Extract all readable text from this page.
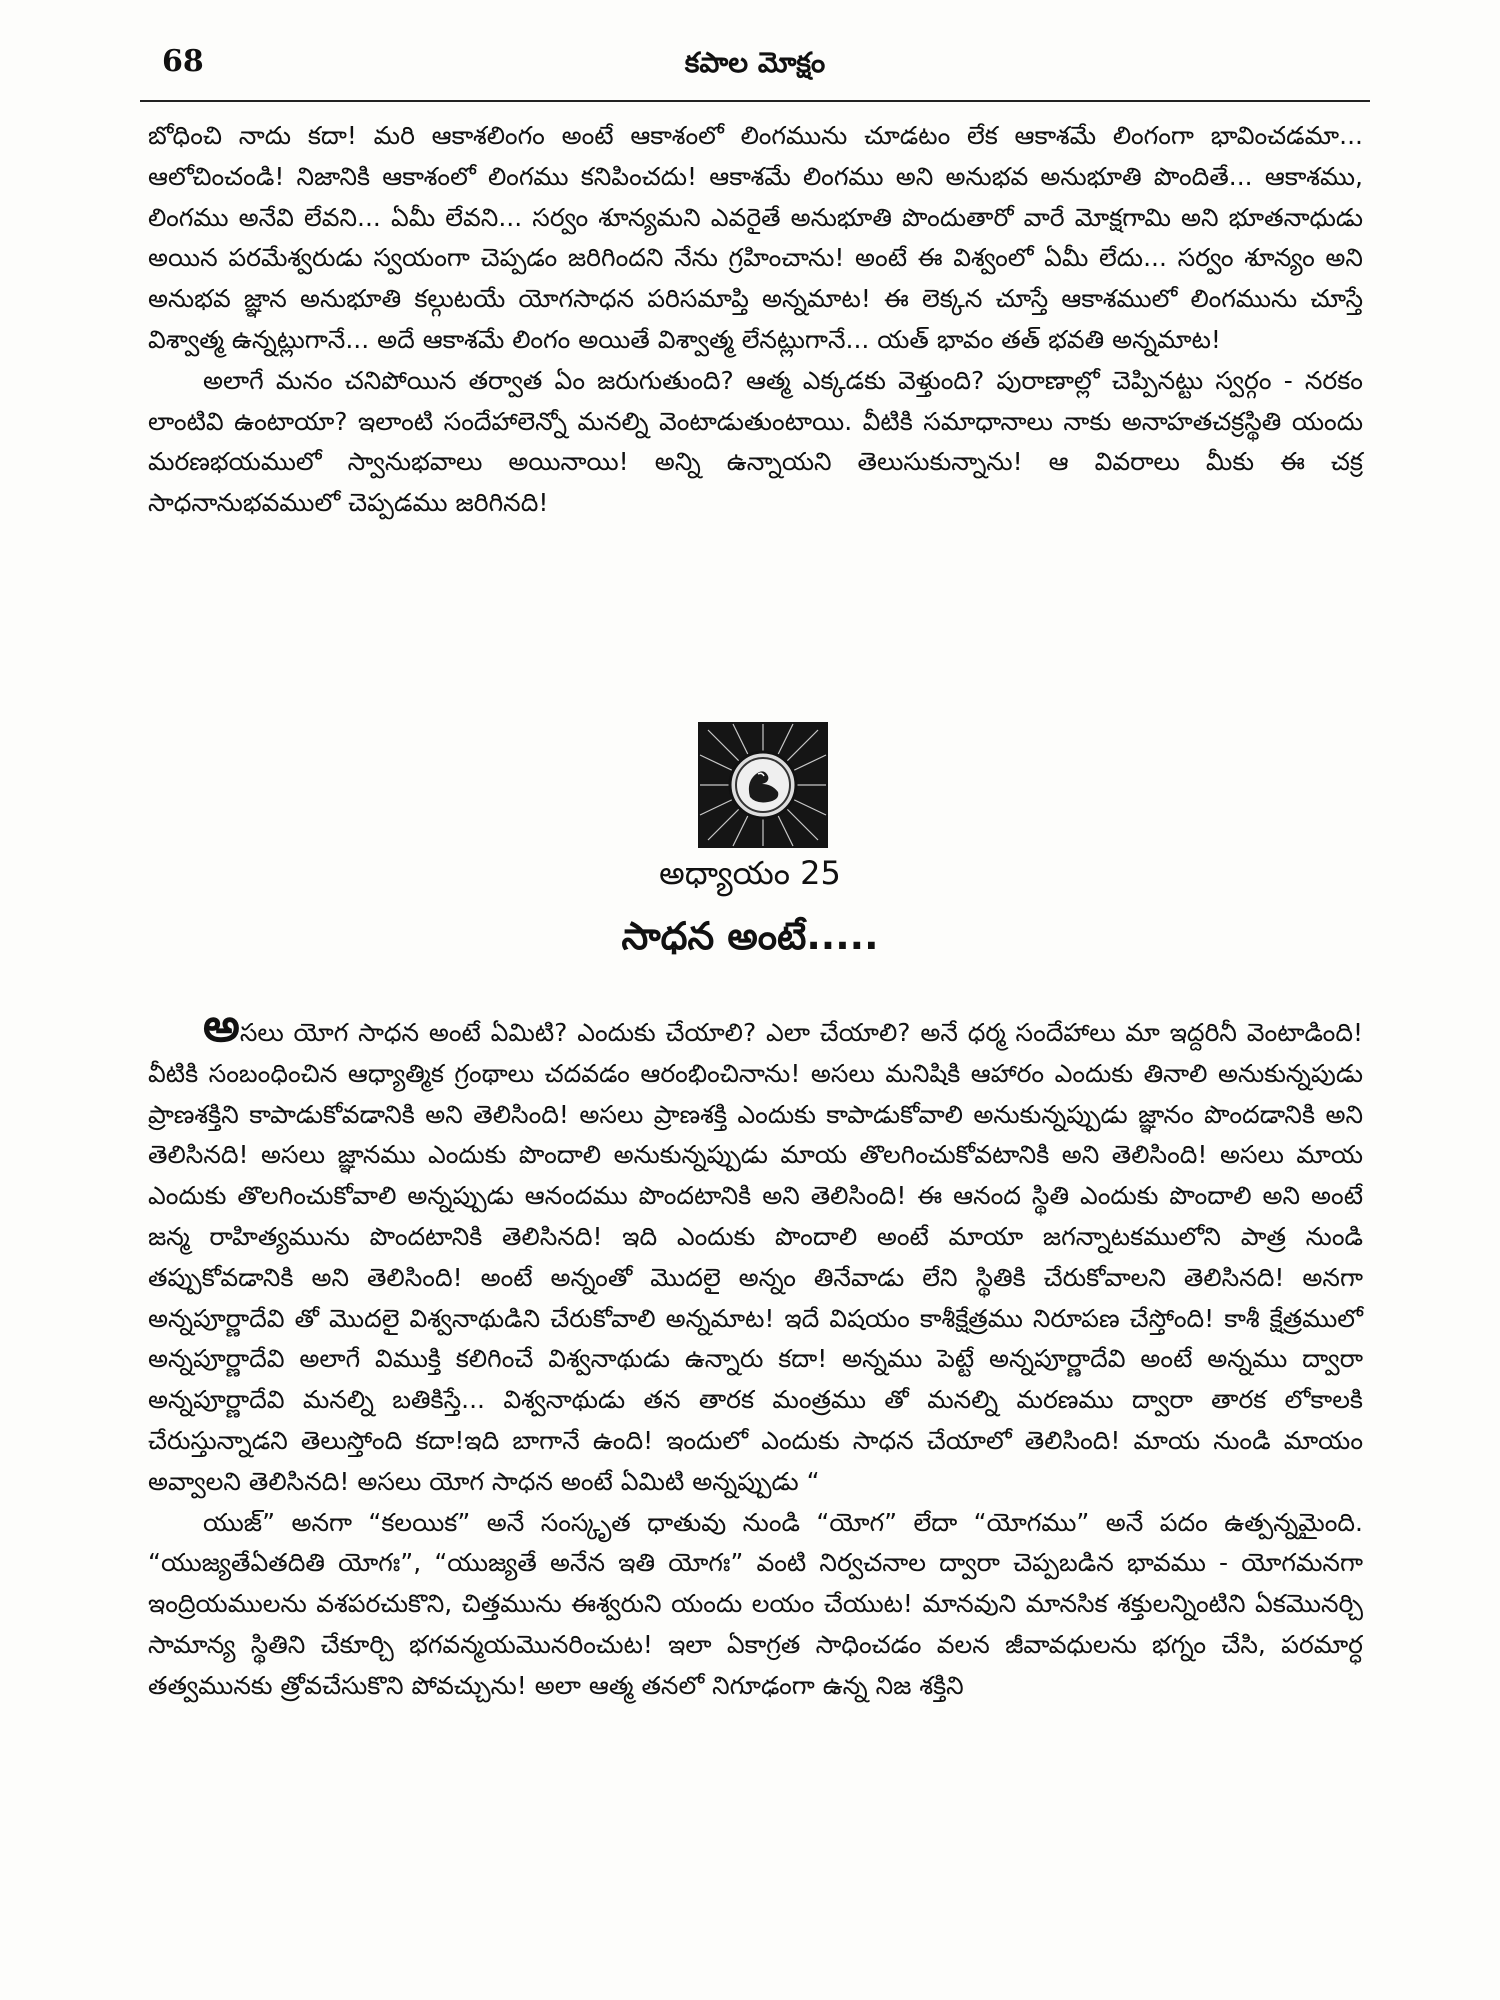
68	కపాల మోక్షం

బోధించి నాదు కదా! మరి ఆకాశలింగం అంటే ఆకాశంలో లింగమును చూడటం లేక ఆకాశమే లింగంగా భావించడమా... ఆలోచించండి! నిజానికి ఆకాశంలో లింగము కనిపించదు! ఆకాశమే లింగము అని అనుభవ అనుభూతి పొందితే... ఆకాశము, లింగము అనేవి లేవని... ఏమీ లేవని... సర్వం శూన్యమని ఎవరైతే అనుభూతి పొందుతారో వారే మోక్షగామి అని భూతనాధుడు అయిన పరమేశ్వరుడు స్వయంగా చెప్పడం జరిగిందని నేను గ్రహించాను! అంటే ఈ విశ్వంలో ఏమీ లేదు... సర్వం శూన్యం అని అనుభవ జ్ఞాన అనుభూతి కల్గుటయే యోగసాధన పరిసమాప్తి అన్నమాట! ఈ లెక్కన చూస్తే ఆకాశములో లింగమును చూస్తే విశ్వాత్మ ఉన్నట్లుగానే... అదే ఆకాశమే లింగం అయితే విశ్వాత్మ లేనట్లుగానే... యత్ భావం తత్ భవతి అన్నమాట!

అలాగే మనం చనిపోయిన తర్వాత ఏం జరుగుతుంది? ఆత్మ ఎక్కడకు వెళ్తుంది? పురాణాల్లో చెప్పినట్టు స్వర్గం - నరకం లాంటివి ఉంటాయా? ఇలాంటి సందేహాలెన్నో మనల్ని వెంటాడుతుంటాయి. వీటికి సమాధానాలు నాకు అనాహతచక్రస్థితి యందు మరణభయములో స్వానుభవాలు అయినాయి! అన్ని ఉన్నాయని తెలుసుకున్నాను! ఆ వివరాలు మీకు ఈ చక్ర సాధనానుభవములో చెప్పడము జరిగినది!

అధ్యాయం 25
సాధన అంటే.....

అసలు యోగ సాధన అంటే ఏమిటి? ఎందుకు చేయాలి? ఎలా చేయాలి? అనే ధర్మ సందేహాలు మా ఇద్దరినీ వెంటాడింది! వీటికి సంబంధించిన ఆధ్యాత్మిక గ్రంథాలు చదవడం ఆరంభించినాను! అసలు మనిషికి ఆహారం ఎందుకు తినాలి అనుకున్నపుడు ప్రాణశక్తిని కాపాడుకోవడానికి అని తెలిసింది! అసలు ప్రాణశక్తి ఎందుకు కాపాడుకోవాలి అనుకున్నప్పుడు జ్ఞానం పొందడానికి అని తెలిసినది! అసలు జ్ఞానము ఎందుకు పొందాలి అనుకున్నప్పుడు మాయ తొలగించుకోవటానికి అని తెలిసింది! అసలు మాయ ఎందుకు తొలగించుకోవాలి అన్నప్పుడు ఆనందము పొందటానికి అని తెలిసింది! ఈ ఆనంద స్థితి ఎందుకు పొందాలి అని అంటే జన్మ రాహిత్యమును పొందటానికి తెలిసినది! ఇది ఎందుకు పొందాలి అంటే మాయా జగన్నాటకములోని పాత్ర నుండి తప్పుకోవడానికి అని తెలిసింది! అంటే అన్నంతో మొదలై అన్నం తినేవాడు లేని స్థితికి చేరుకోవాలని తెలిసినది! అనగా అన్నపూర్ణాదేవి తో మొదలై విశ్వనాథుడిని చేరుకోవాలి అన్నమాట! ఇదే విషయం కాశీక్షేత్రము నిరూపణ చేస్తోంది! కాశీ క్షేత్రములో అన్నపూర్ణాదేవి అలాగే విముక్తి కలిగించే విశ్వనాథుడు ఉన్నారు కదా! అన్నము పెట్టే అన్నపూర్ణాదేవి అంటే అన్నము ద్వారా అన్నపూర్ణాదేవి మనల్ని బతికిస్తే... విశ్వనాథుడు తన తారక మంత్రము తో మనల్ని మరణము ద్వారా తారక లోకాలకి చేరుస్తున్నాడని తెలుస్తోంది కదా!ఇది బాగానే ఉంది! ఇందులో ఎందుకు సాధన చేయాలో తెలిసింది! మాయ నుండి మాయం అవ్వాలని తెలిసినది! అసలు యోగ సాధన అంటే ఏమిటి అన్నప్పుడు “

యుజ్” అనగా “కలయిక” అనే సంస్కృత ధాతువు నుండి “యోగ” లేదా “యోగము” అనే పదం ఉత్పన్నమైంది. “యుజ్యతేఏతదితి యోగః”, “యుజ్యతే అనేన ఇతి యోగః” వంటి నిర్వచనాల ద్వారా చెప్పబడిన భావము - యోగమనగా ఇంద్రియములను వశపరచుకొని, చిత్తమును ఈశ్వరుని యందు లయం చేయుట! మానవుని మానసిక శక్తులన్నింటిని ఏకమొనర్చి సామాన్య స్థితిని చేకూర్చి భగవన్మయమొనరించుట! ఇలా ఏకాగ్రత సాధించడం వలన జీవావధులను భగ్నం చేసి, పరమార్ధ తత్వమునకు త్రోవచేసుకొని పోవచ్చును! అలా ఆత్మ తనలో నిగూఢంగా ఉన్న నిజ శక్తిని
